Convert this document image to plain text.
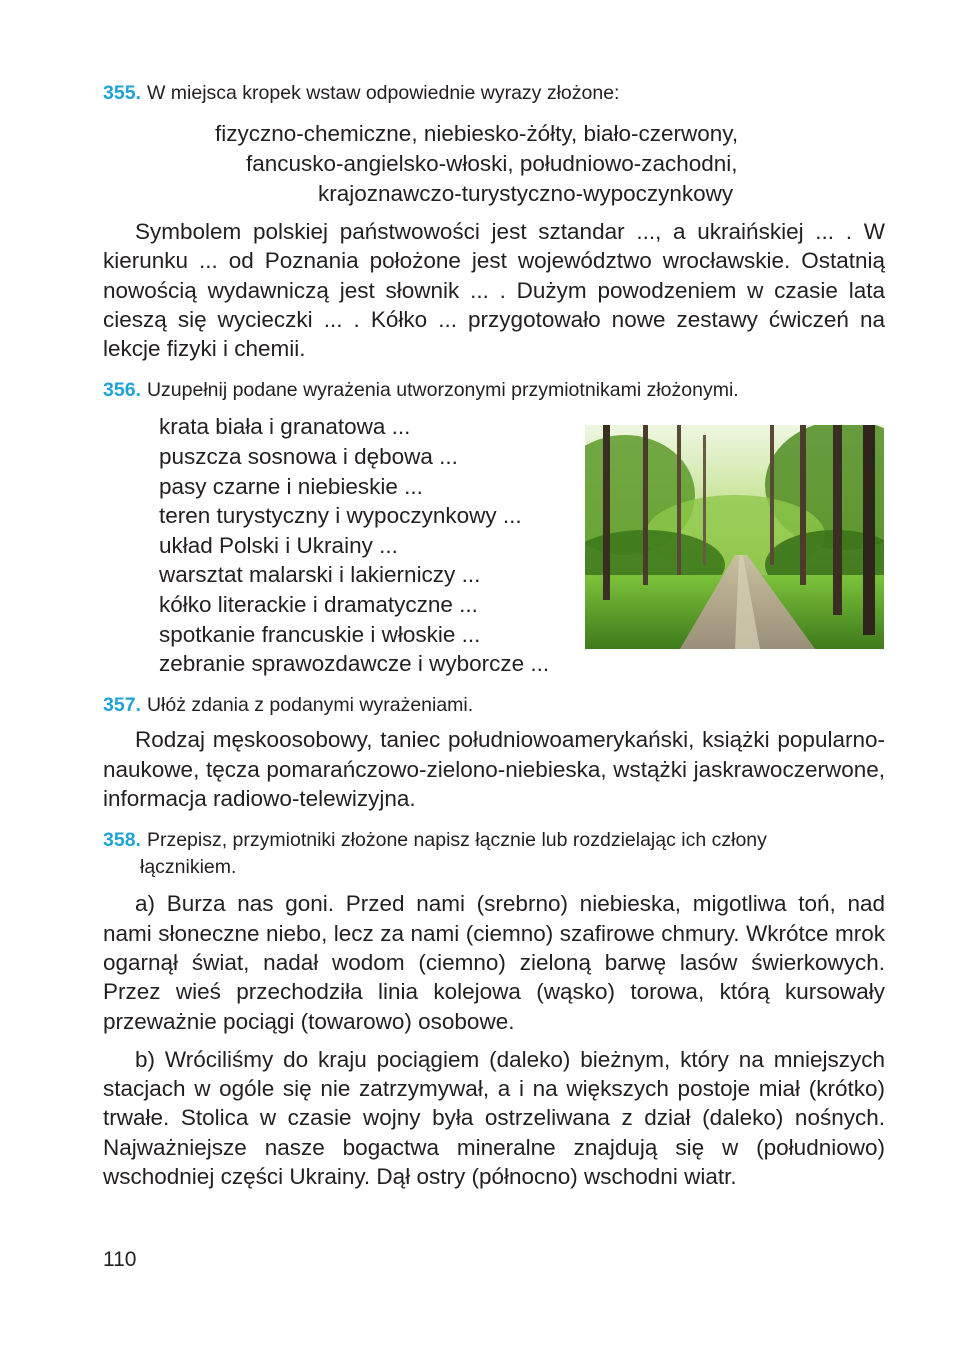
355. W miejsca kropek wstaw odpowiednie wyrazy złożone:
fizyczno-chemiczne, niebiesko-żółty, biało-czerwony,
fancusko-angielsko-włoski, południowo-zachodni,
krajoznawczo-turystyczno-wypoczynkowy
Symbolem polskiej państwowości jest sztandar ..., a ukraińskiej ... . W kierunku ... od Poznania położone jest województwo wrocławskie. Ostatnią nowością wydawniczą jest słownik ... . Dużym powodzeniem w czasie lata cieszą się wycieczki ... . Kółko ... przygotowało nowe zestawy ćwiczeń na lekcje fizyki i chemii.
356. Uzupełnij podane wyrażenia utworzonymi przymiotnikami złożonymi.
krata biała i granatowa ...
puszcza sosnowa i dębowa ...
pasy czarne i niebieskie ...
teren turystyczny i wypoczynkowy ...
układ Polski i Ukrainy ...
warsztat malarski i lakierniczy ...
kółko literackie i dramatyczne ...
spotkanie francuskie i włoskie ...
zebranie sprawozdawcze i wyborcze ...
357. Ułóż zdania z podanymi wyrażeniami.
Rodzaj męskoosobowy, taniec południowoamerykański, książki popularno-naukowe, tęcza pomarańczowo-zielono-niebieska, wstążki jaskrawoczerwone, informacja radiowo-telewizyjna.
358. Przepisz, przymiotniki złożone napisz łącznie lub rozdzielając ich człony
łącznikiem.
a) Burza nas goni. Przed nami (srebrno) niebieska, migotliwa toń, nad nami słoneczne niebo, lecz za nami (ciemno) szafirowe chmury. Wkrótce mrok ogarnął świat, nadał wodom (ciemno) zieloną barwę lasów świerkowych. Przez wieś przechodziła linia kolejowa (wąsko) torowa, którą kursowały przeważnie pociągi (towarowo) osobowe.
b) Wróciliśmy do kraju pociągiem (daleko) bieżnym, który na mniejszych stacjach w ogóle się nie zatrzymywał, a i na większych postoje miał (krótko) trwałe. Stolica w czasie wojny była ostrzeliwana z dział (daleko) nośnych. Najważniejsze nasze bogactwa mineralne znajdują się w (południowo) wschodniej części Ukrainy. Dął ostry (północno) wschodni wiatr.
110
